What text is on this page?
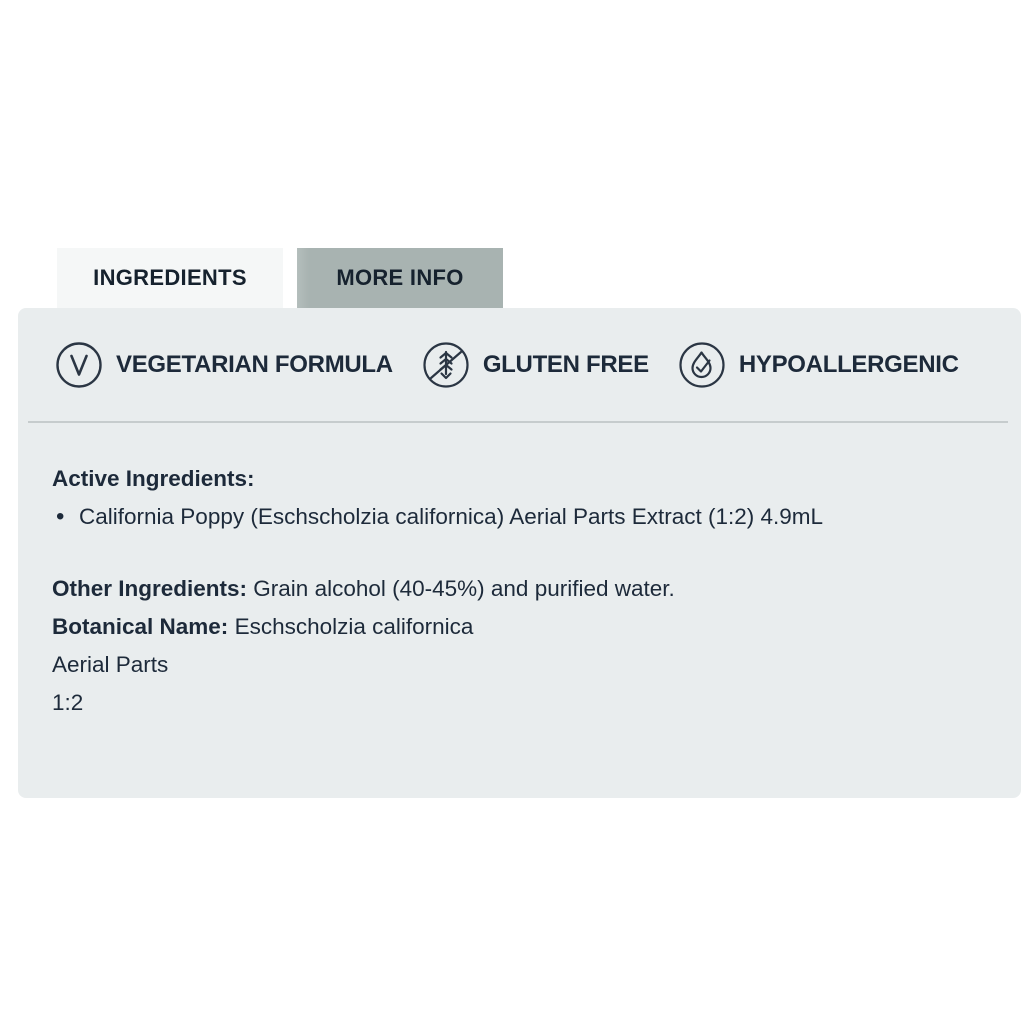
INGREDIENTS	MORE INFO
VEGETARIAN FORMULA	GLUTEN FREE	HYPOALLERGENIC

Active Ingredients:

• California Poppy (Eschscholzia californica) Aerial Parts Extract (1:2) 4.9mL

Other Ingredients: Grain alcohol (40-45%) and purified water.

Botanical Name: Eschscholzia californica

Aerial Parts

1:2
